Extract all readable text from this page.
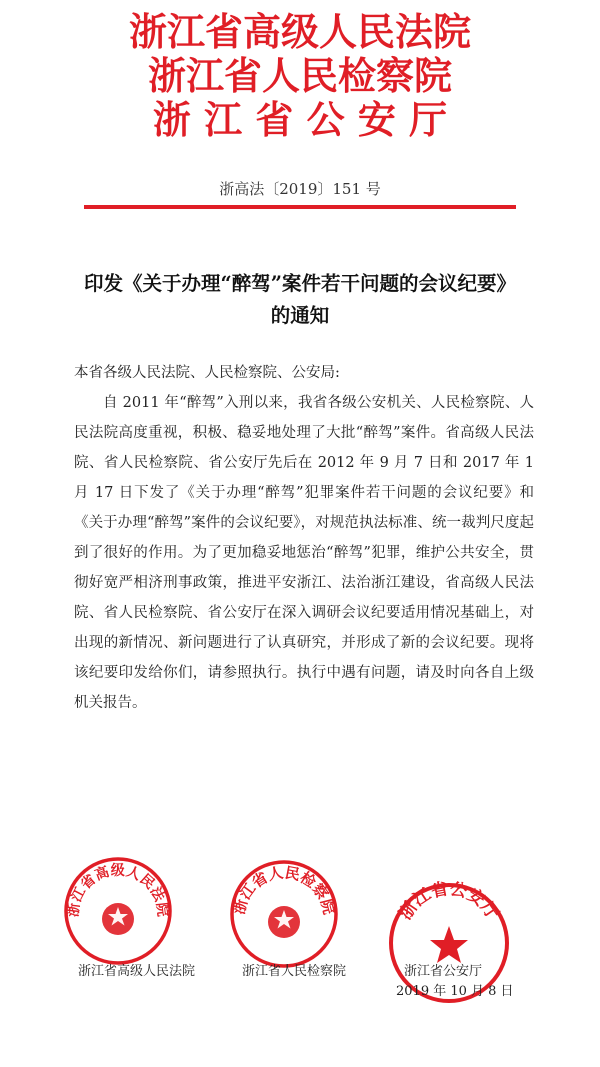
浙江省高级人民法院
浙江省人民检察院
浙 江 省 公 安 厅
浙高法〔2019〕151 号
印发《关于办理“醉驾”案件若干问题的会议纪要》
的通知

本省各级人民法院、人民检察院、公安局:

自 2011 年“醉驾”入刑以来，我省各级公安机关、人民检察院、人民法院高度重视，积极、稳妥地处理了大批“醉驾”案件。省高级人民法院、省人民检察院、省公安厅先后在 2012 年 9 月 7 日和 2017 年 1 月 17 日下发了《关于办理“醉驾”犯罪案件若干问题的会议纪要》和《关于办理“醉驾”案件的会议纪要》，对规范执法标准、统一裁判尺度起到了很好的作用。为了更加稳妥地惩治“醉驾”犯罪，维护公共安全，贯彻好宽严相济刑事政策，推进平安浙江、法治浙江建设，省高级人民法院、省人民检察院、省公安厅在深入调研会议纪要适用情况基础上，对出现的新情况、新问题进行了认真研究，并形成了新的会议纪要。现将该纪要印发给你们，请参照执行。执行中遇有问题，请及时向各自上级机关报告。

浙江省高级人民法院	浙江省人民检察院	浙江省公安厅
浙江省高级人民法院	浙江省人民检察院	浙江省公安厅
2019 年 10 月 8 日
